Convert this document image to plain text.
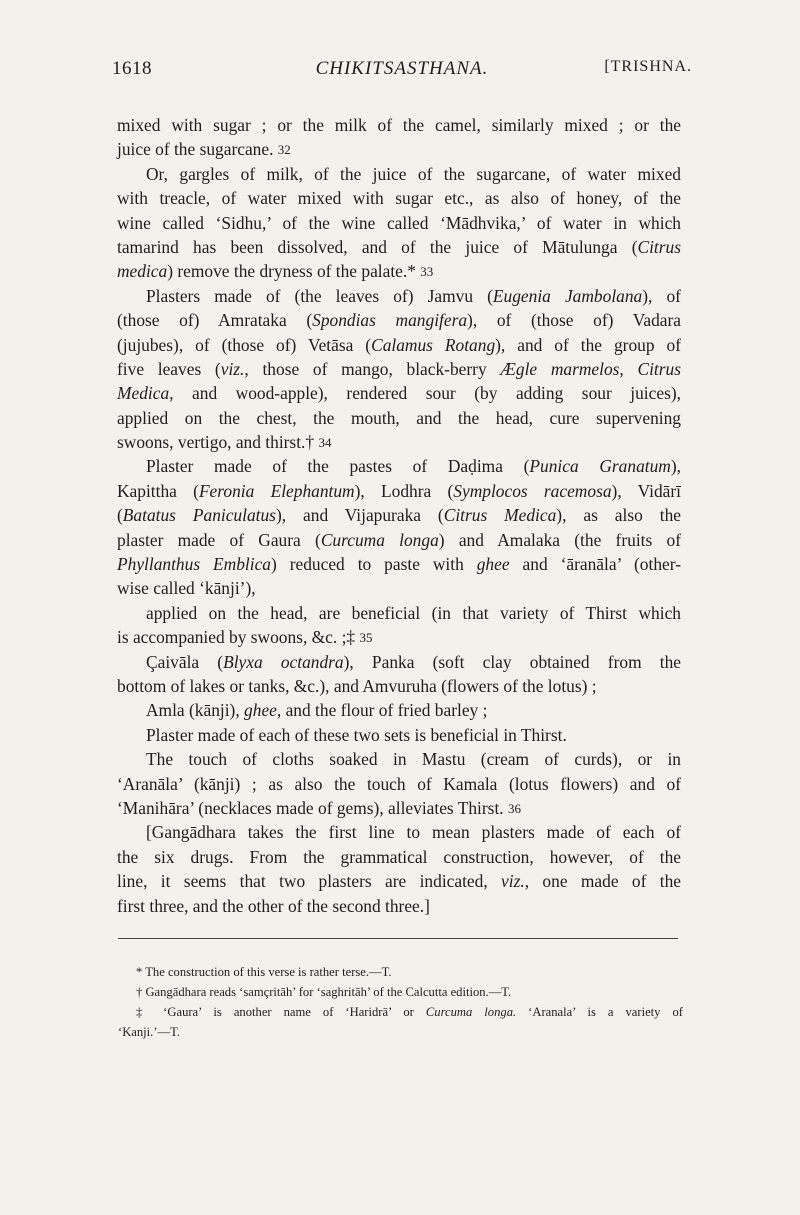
1618	CHIKITSASTHANA.	[TRISHNA.
mixed with sugar ; or the milk of the camel, similarly mixed ; or the
juice of the sugarcane. 32
Or, gargles of milk, of the juice of the sugarcane, of water mixed
with treacle, of water mixed with sugar etc., as also of honey, of the
wine called ‘Sidhu,’ of the wine called ‘Mādhvika,’ of water in which
tamarind has been dissolved, and of the juice of Mātulunga (Citrus
medica) remove the dryness of the palate.* 33
Plasters made of (the leaves of) Jamvu (Eugenia Jambolana), of
(those of) Amrataka (Spondias mangifera), of (those of) Vadara
(jujubes), of (those of) Vetāsa (Calamus Rotang), and of the group of
five leaves (viz., those of mango, black-berry Ægle marmelos, Citrus
Medica, and wood-apple), rendered sour (by adding sour juices),
applied on the chest, the mouth, and the head, cure supervening
swoons, vertigo, and thirst.† 34
Plaster made of the pastes of Daḍima (Punica Granatum),
Kapittha (Feronia Elephantum), Lodhra (Symplocos racemosa), Vidārī
(Batatus Paniculatus), and Vijapuraka (Citrus Medica), as also the
plaster made of Gaura (Curcuma longa) and Amalaka (the fruits of
Phyllanthus Emblica) reduced to paste with ghee and ‘āranāla’ (other-
wise called ‘kānji’),
applied on the head, are beneficial (in that variety of Thirst which
is accompanied by swoons, &c. ;‡ 35
Çaivāla (Blyxa octandra), Panka (soft clay obtained from the
bottom of lakes or tanks, &c.), and Amvuruha (flowers of the lotus) ;
Amla (kānji), ghee, and the flour of fried barley ;
Plaster made of each of these two sets is beneficial in Thirst.
The touch of cloths soaked in Mastu (cream of curds), or in
‘Aranāla’ (kānji) ; as also the touch of Kamala (lotus flowers) and of
‘Manihāra’ (necklaces made of gems), alleviates Thirst. 36
[Gangādhara takes the first line to mean plasters made of each of
the six drugs. From the grammatical construction, however, of the
line, it seems that two plasters are indicated, viz., one made of the
first three, and the other of the second three.]
* The construction of this verse is rather terse.—T.
† Gangādhara reads ‘samçritāh’ for ‘saghritāh’ of the Calcutta edition.—T.
‡ ‘Gaura’ is another name of ‘Haridrā’ or Curcuma longa. ‘Aranala’ is a variety of
‘Kanji.’—T.
